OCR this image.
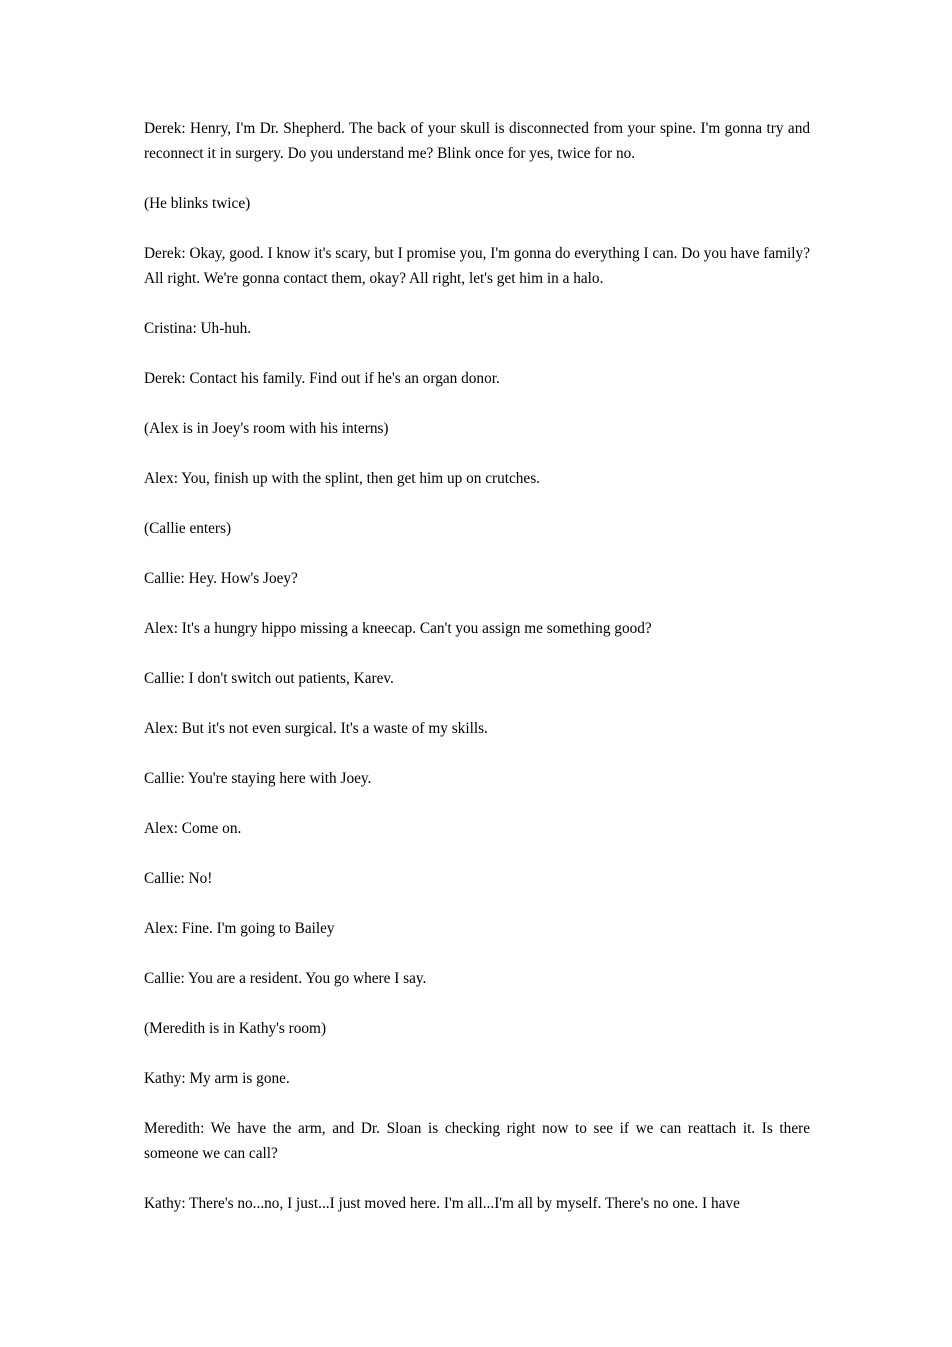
Derek: Henry, I'm Dr. Shepherd. The back of your skull is disconnected from your spine. I'm gonna try and reconnect it in surgery. Do you understand me? Blink once for yes, twice for no.

(He blinks twice)

Derek: Okay, good. I know it's scary, but I promise you, I'm gonna do everything I can. Do you have family? All right. We're gonna contact them, okay? All right, let's get him in a halo.

Cristina: Uh-huh.

Derek: Contact his family. Find out if he's an organ donor.

(Alex is in Joey's room with his interns)

Alex: You, finish up with the splint, then get him up on crutches.

(Callie enters)

Callie: Hey. How's Joey?

Alex: It's a hungry hippo missing a kneecap. Can't you assign me something good?

Callie: I don't switch out patients, Karev.

Alex: But it's not even surgical. It's a waste of my skills.

Callie: You're staying here with Joey.

Alex: Come on.

Callie: No!

Alex: Fine. I'm going to Bailey

Callie: You are a resident. You go where I say.

(Meredith is in Kathy's room)

Kathy: My arm is gone.

Meredith: We have the arm, and Dr. Sloan is checking right now to see if we can reattach it. Is there someone we can call?

Kathy: There's no...no, I just...I just moved here. I'm all...I'm all by myself. There's no one. I have
